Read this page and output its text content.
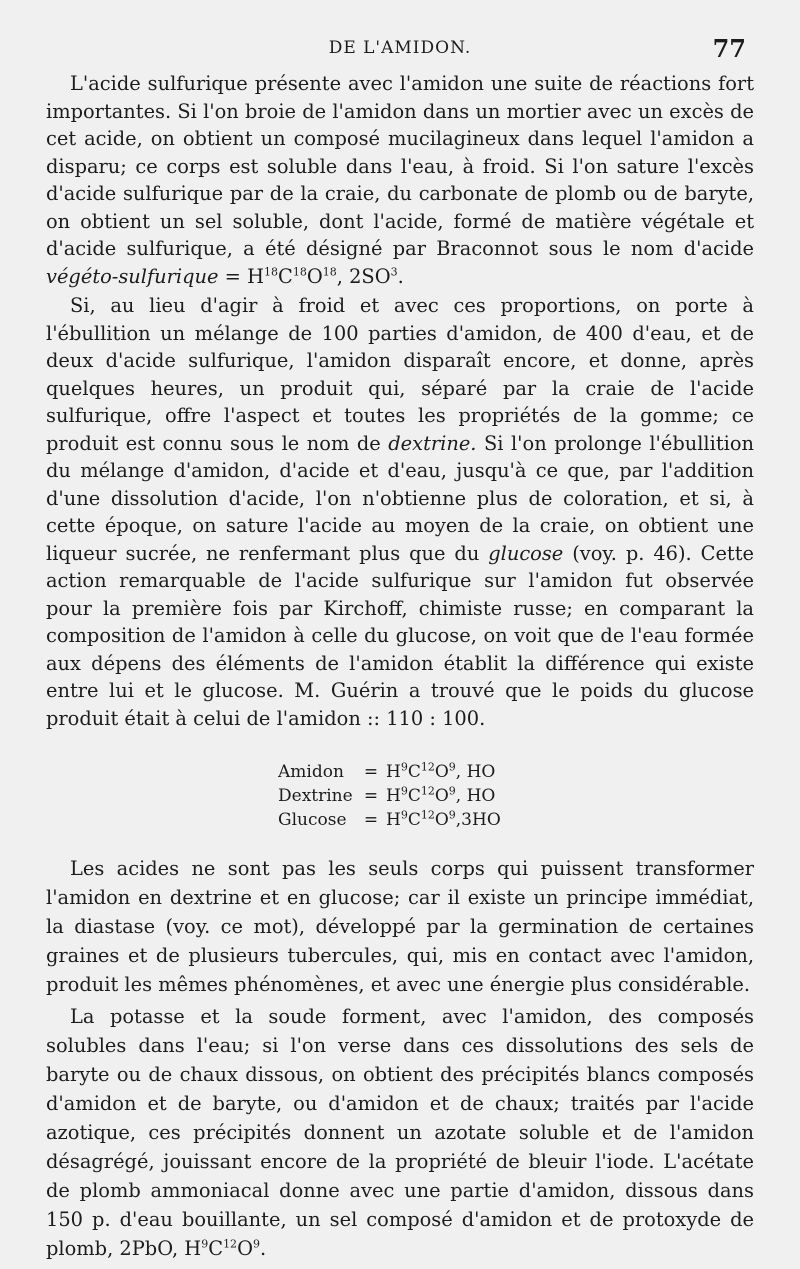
DE L'AMIDON.	77

L'acide sulfurique présente avec l'amidon une suite de réactions fort importantes. Si l'on broie de l'amidon dans un mortier avec un excès de cet acide, on obtient un composé mucilagineux dans lequel l'amidon a disparu; ce corps est soluble dans l'eau, à froid. Si l'on sature l'excès d'acide sulfurique par de la craie, du carbonate de plomb ou de baryte, on obtient un sel soluble, dont l'acide, formé de matière végétale et d'acide sulfurique, a été désigné par Braconnot sous le nom d'acide végéto-sulfurique = $H^{18}C^{18}O^{18}$, $2SO^3$.

Si, au lieu d'agir à froid et avec ces proportions, on porte à l'ébullition un mélange de 100 parties d'amidon, de 400 d'eau, et de deux d'acide sulfurique, l'amidon disparaît encore, et donne, après quelques heures, un produit qui, séparé par la craie de l'acide sulfurique, offre l'aspect et toutes les propriétés de la gomme; ce produit est connu sous le nom de dextrine. Si l'on prolonge l'ébullition du mélange d'amidon, d'acide et d'eau, jusqu'à ce que, par l'addition d'une dissolution d'acide, l'on n'obtienne plus de coloration, et si, à cette époque, on sature l'acide au moyen de la craie, on obtient une liqueur sucrée, ne renfermant plus que du glucose (voy. p. 46). Cette action remarquable de l'acide sulfurique sur l'amidon fut observée pour la première fois par Kirchoff, chimiste russe; en comparant la composition de l'amidon à celle du glucose, on voit que de l'eau formée aux dépens des éléments de l'amidon établit la différence qui existe entre lui et le glucose. M. Guérin a trouvé que le poids du glucose produit était à celui de l'amidon :: 110 : 100.

Amidon	= $H^9C^{12}O^9$, HO
Dextrine = $H^9C^{12}O^9$, HO
Glucose	= $H^9C^{12}O^9,3HO$

Les acides ne sont pas les seuls corps qui puissent transformer l'amidon en dextrine et en glucose; car il existe un principe immédiat, la diastase (voy. ce mot), développé par la germination de certaines graines et de plusieurs tubercules, qui, mis en contact avec l'amidon, produit les mêmes phénomènes, et avec une énergie plus considérable.

La potasse et la soude forment, avec l'amidon, des composés solubles dans l'eau; si l'on verse dans ces dissolutions des sels de baryte ou de chaux dissous, on obtient des précipités blancs composés d'amidon et de baryte, ou d'amidon et de chaux; traités par l'acide azotique, ces précipités donnent un azotate soluble et de l'amidon désagrégé, jouissant encore de la propriété de bleuir l'iode. L'acétate de plomb ammoniacal donne avec une partie d'amidon, dissous dans 150 p. d'eau bouillante, un sel composé d'amidon et de protoxyde de plomb, 2PbO, $H^9C^{12}O^9$.
